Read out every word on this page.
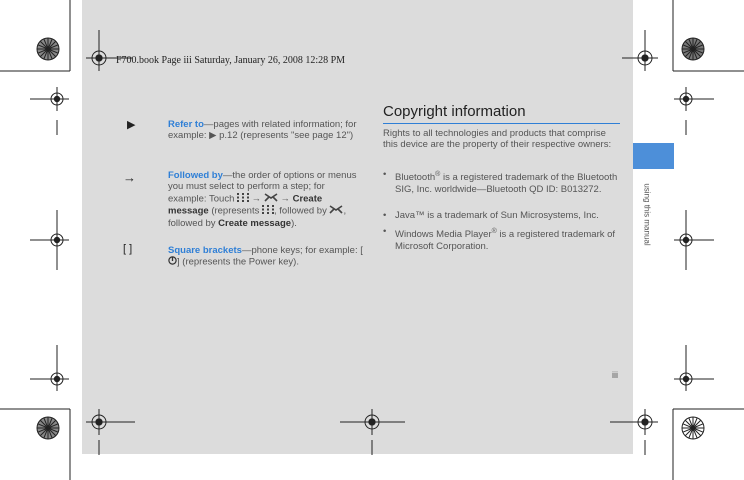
using this manual
F700.book Page iii Saturday, January 26, 2008 12:28 PM
▶	Refer to—pages with related information; for example: ▶ p.12 (represents "see page 12")
→	Followed by—the order of options or menus you must select to perform a step; for example: Touch → → Create message (represents , followed by , followed by Create message).
[ ]	Square brackets—phone keys; for example: [] (represents the Power key).
Copyright information
Rights to all technologies and products that comprise this device are the property of their respective owners:
• Bluetooth® is a registered trademark of the Bluetooth SIG, Inc. worldwide—Bluetooth QD ID: B013272.
• Java™ is a trademark of Sun Microsystems, Inc.
• Windows Media Player® is a registered trademark of Microsoft Corporation.
iii
